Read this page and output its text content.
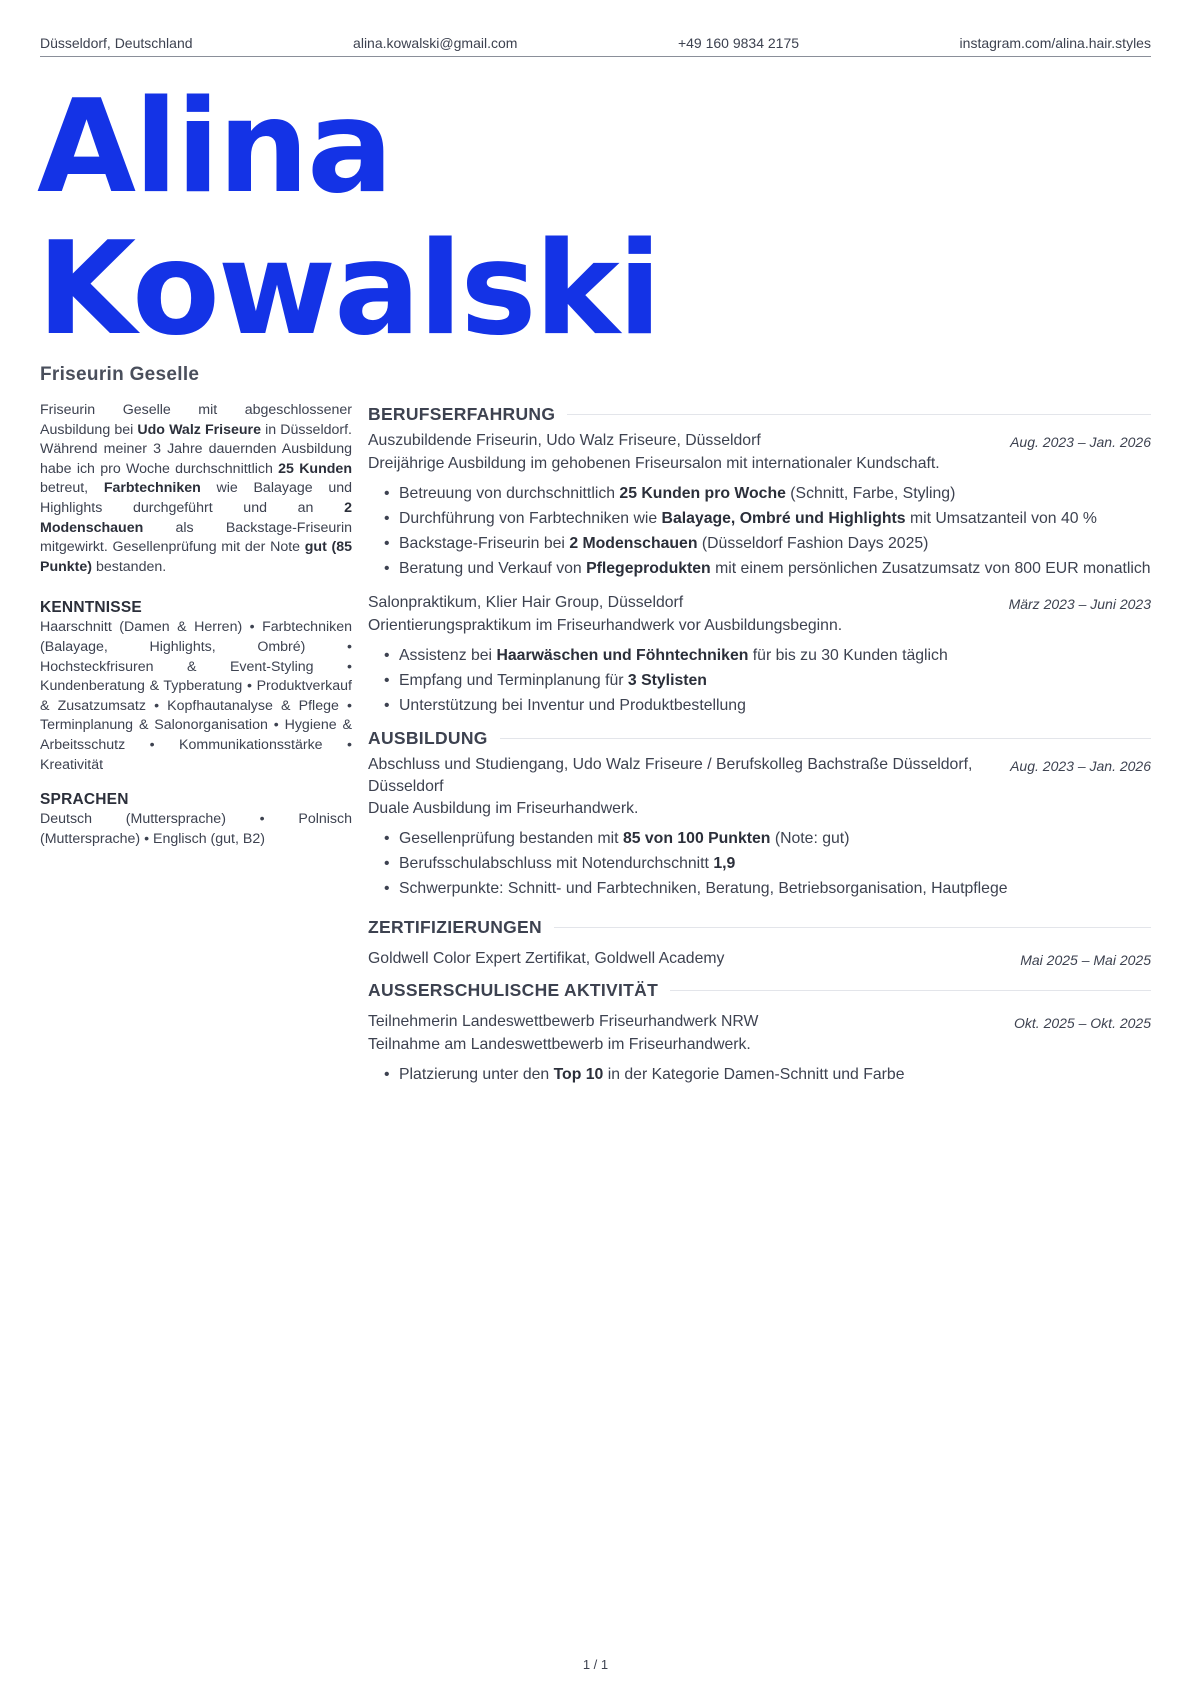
Düsseldorf, Deutschland	alina.kowalski@gmail.com	+49 160 9834 2175	instagram.com/alina.hair.styles
Alina
Kowalski
Friseurin Geselle

Friseurin Geselle mit abgeschlossener Ausbildung bei Udo Walz Friseure in Düsseldorf. Während meiner 3 Jahre dauernden Ausbildung habe ich pro Woche durchschnittlich 25 Kunden betreut, Farbtechniken wie Balayage und Highlights durchgeführt und an 2 Modenschauen als Backstage-Friseurin mitgewirkt. Gesellenprüfung mit der Note gut (85 Punkte) bestanden.

KENNTNISSE

Haarschnitt (Damen & Herren) • Farbtechniken (Balayage, Highlights, Ombré) • Hochsteckfrisuren & Event-Styling • Kundenberatung & Typberatung • Produktverkauf & Zusatzumsatz • Kopfhautanalyse & Pflege • Terminplanung & Salonorganisation • Hygiene & Arbeitsschutz • Kommunikationsstärke • Kreativität

SPRACHEN

Deutsch (Muttersprache) • Polnisch (Muttersprache) • Englisch (gut, B2)

BERUFSERFAHRUNG
Auszubildende Friseurin, Udo Walz Friseure, Düsseldorf	Aug. 2023 – Jan. 2026

Dreijährige Ausbildung im gehobenen Friseursalon mit internationaler Kundschaft.

• Betreuung von durchschnittlich 25 Kunden pro Woche (Schnitt, Farbe, Styling)
• Durchführung von Farbtechniken wie Balayage, Ombré und Highlights mit Umsatzanteil von 40 %
• Backstage-Friseurin bei 2 Modenschauen (Düsseldorf Fashion Days 2025)
• Beratung und Verkauf von Pflegeprodukten mit einem persönlichen Zusatzumsatz von 800 EUR monatlich
Salonpraktikum, Klier Hair Group, Düsseldorf	März 2023 – Juni 2023

Orientierungspraktikum im Friseurhandwerk vor Ausbildungsbeginn.

• Assistenz bei Haarwäschen und Föhntechniken für bis zu 30 Kunden täglich
• Empfang und Terminplanung für 3 Stylisten
• Unterstützung bei Inventur und Produktbestellung
AUSBILDUNG
Abschluss und Studiengang, Udo Walz Friseure / Berufskolleg Bachstraße Düsseldorf, Düsseldorf
Aug. 2023 – Jan. 2026

Duale Ausbildung im Friseurhandwerk.

• Gesellenprüfung bestanden mit 85 von 100 Punkten (Note: gut)
• Berufsschulabschluss mit Notendurchschnitt 1,9
• Schwerpunkte: Schnitt- und Farbtechniken, Beratung, Betriebsorganisation, Hautpflege
ZERTIFIZIERUNGEN
Goldwell Color Expert Zertifikat, Goldwell Academy	Mai 2025 – Mai 2025
AUSSERSCHULISCHE AKTIVITÄT
Teilnehmerin Landeswettbewerb Friseurhandwerk NRW	Okt. 2025 – Okt. 2025

Teilnahme am Landeswettbewerb im Friseurhandwerk.

• Platzierung unter den Top 10 in der Kategorie Damen-Schnitt und Farbe
1 / 1
